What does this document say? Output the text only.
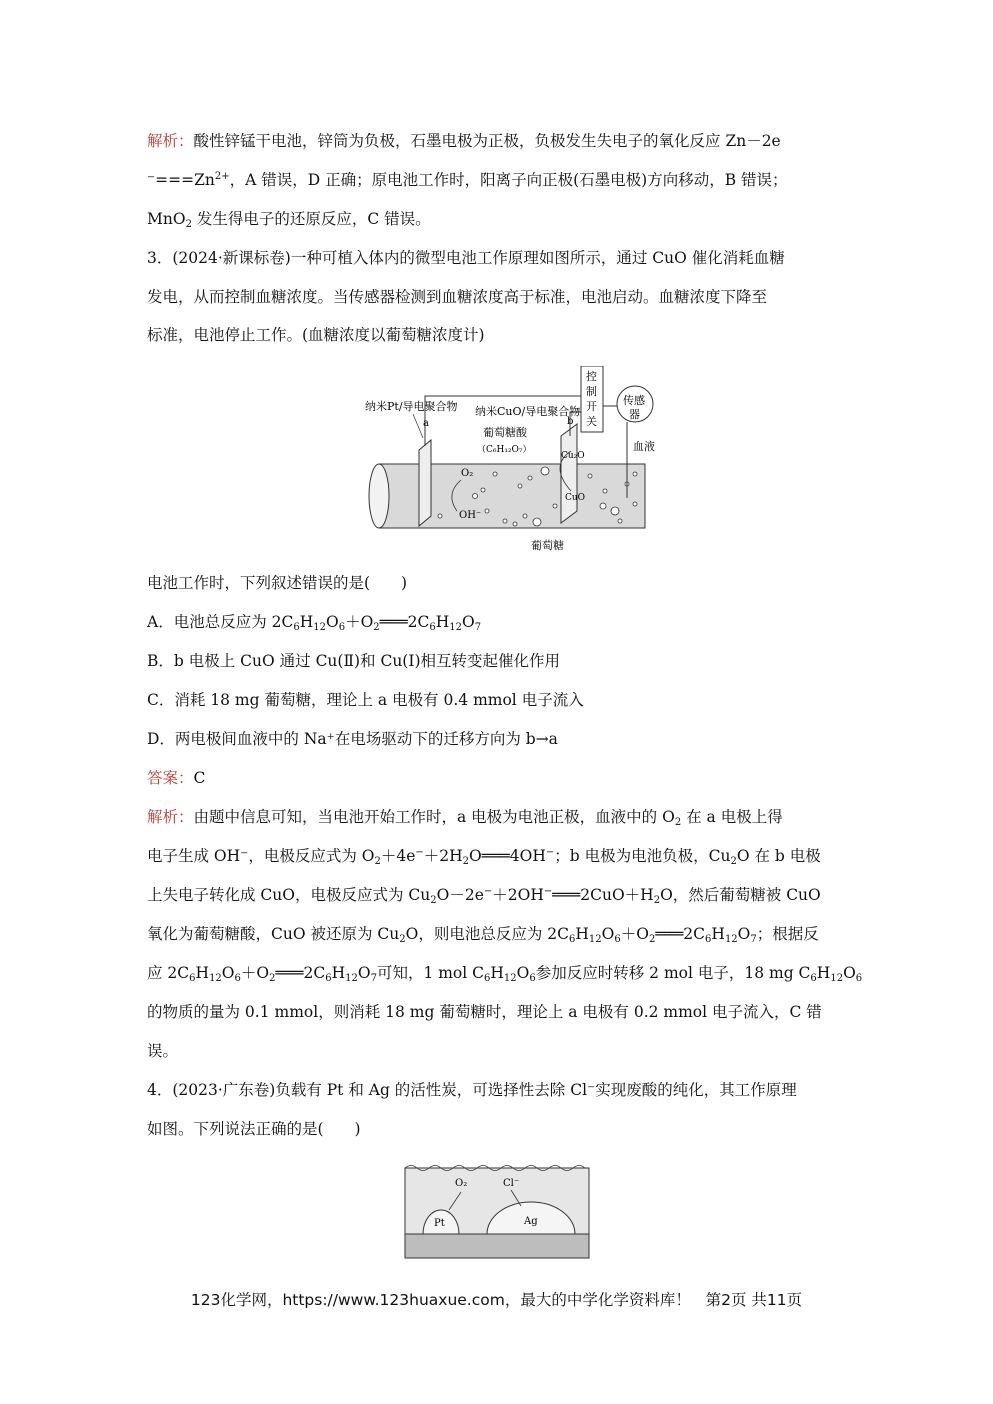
解析：酸性锌锰干电池，锌筒为负极，石墨电极为正极，负极发生失电子的氧化反应 Zn－2e
$^-===Zn^{2+}$，A 错误，D 正确；原电池工作时，阳离子向正极(石墨电极)方向移动，B 错误；
MnO$_2$ 发生得电子的还原反应，C 错误。
3．(2024·新课标卷)一种可植入体内的微型电池工作原理如图所示，通过 CuO 催化消耗血糖
发电，从而控制血糖浓度。当传感器检测到血糖浓度高于标准，电池启动。血糖浓度下降至
标准，电池停止工作。(血糖浓度以葡萄糖浓度计)
纳米Pt/导电聚合物
a
纳米CuO/导电聚合物
b
葡萄糖酸
（C₆H₁₂O₇）
控
制
开
关
传感
器
血液
O₂
OH⁻
Cu₂O
CuO
葡萄糖
电池工作时，下列叙述错误的是(　　)
A．电池总反应为 $2C_6H_{12}O_6+O_2═══2C_6H_{12}O_7$
B．b 电极上 CuO 通过 Cu(Ⅱ)和 Cu(Ⅰ)相互转变起催化作用
C．消耗 18 mg 葡萄糖，理论上 a 电极有 0.4 mmol 电子流入
D．两电极间血液中的 Na⁺在电场驱动下的迁移方向为 b→a
答案：C
解析：由题中信息可知，当电池开始工作时，a 电极为电池正极，血液中的 $O_2$ 在 a 电极上得
电子生成 OH⁻，电极反应式为 $O_2+4e^-+2H_2O═══4OH^-$；b 电极为电池负极，$Cu_2O$ 在 b 电极
上失电子转化成 CuO，电极反应式为 $Cu_2O-2e^-+2OH^-═══2CuO+H_2O$，然后葡萄糖被 CuO
氧化为葡萄糖酸，CuO 被还原为 $Cu_2O$，则电池总反应为 $2C_6H_{12}O_6+O_2═══2C_6H_{12}O_7$；根据反
应 $2C_6H_{12}O_6+O_2═══2C_6H_{12}O_7$可知，1 mol $C_6H_{12}O_6$参加反应时转移 2 mol 电子，18 mg $C_6H_{12}O_6$
的物质的量为 0.1 mmol，则消耗 18 mg 葡萄糖时，理论上 a 电极有 0.2 mmol 电子流入，C 错
误。
4．(2023·广东卷)负载有 Pt 和 Ag 的活性炭，可选择性去除 Cl⁻实现废酸的纯化，其工作原理
如图。下列说法正确的是(　　)
O₂	Cl⁻
Pt	Ag
123化学网，https://www.123huaxue.com，最大的中学化学资料库！ 第2页 共11页
